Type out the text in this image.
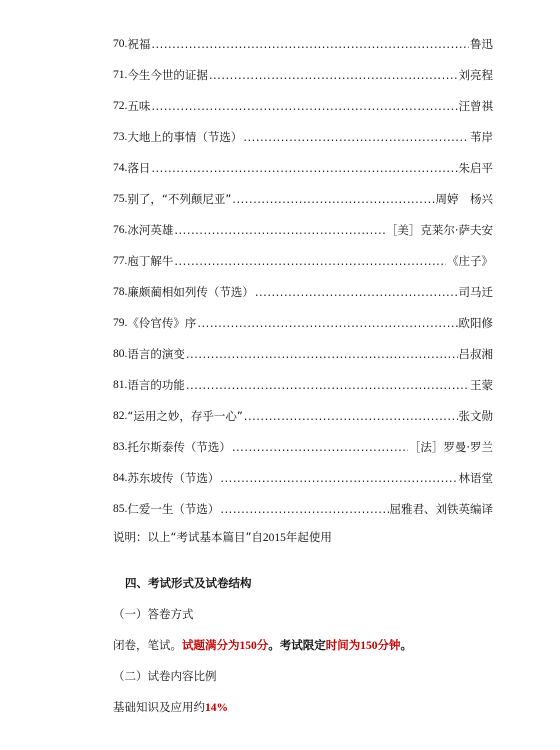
70. 祝福 .....	鲁迅
71. 今生今世的证据 .....	刘亮程
72. 五味 .....	汪曾祺
73. 大地上的事情（节选） .....	苇岸
74. 落日 .....	朱启平
75. 别了，“不列颠尼亚” .....	周婷　杨兴
76. 冰河英雄 .....	［美］克莱尔·萨夫安
77. 庖丁解牛 .....	《庄子》
78. 廉颇蔺相如列传（节选） .....	司马迁
79. 《伶官传》序 .....	欧阳修
80. 语言的演变 .....	吕叔湘
81. 语言的功能 .....	王蒙
82. “运用之妙，存乎一心” .....	张文勋
83. 托尔斯泰传（节选） .....	［法］罗曼·罗兰
84. 苏东坡传（节选） .....	林语堂
85. 仁爱一生（节选） .....	屈雅君、刘铁英编译
说明：以上“考试基本篇目”自2015年起使用
四、考试形式及试卷结构
（一）答卷方式
闭卷，笔试。试题满分为150分。考试限定时间为150分钟。
（二）试卷内容比例
基础知识及应用约14%
